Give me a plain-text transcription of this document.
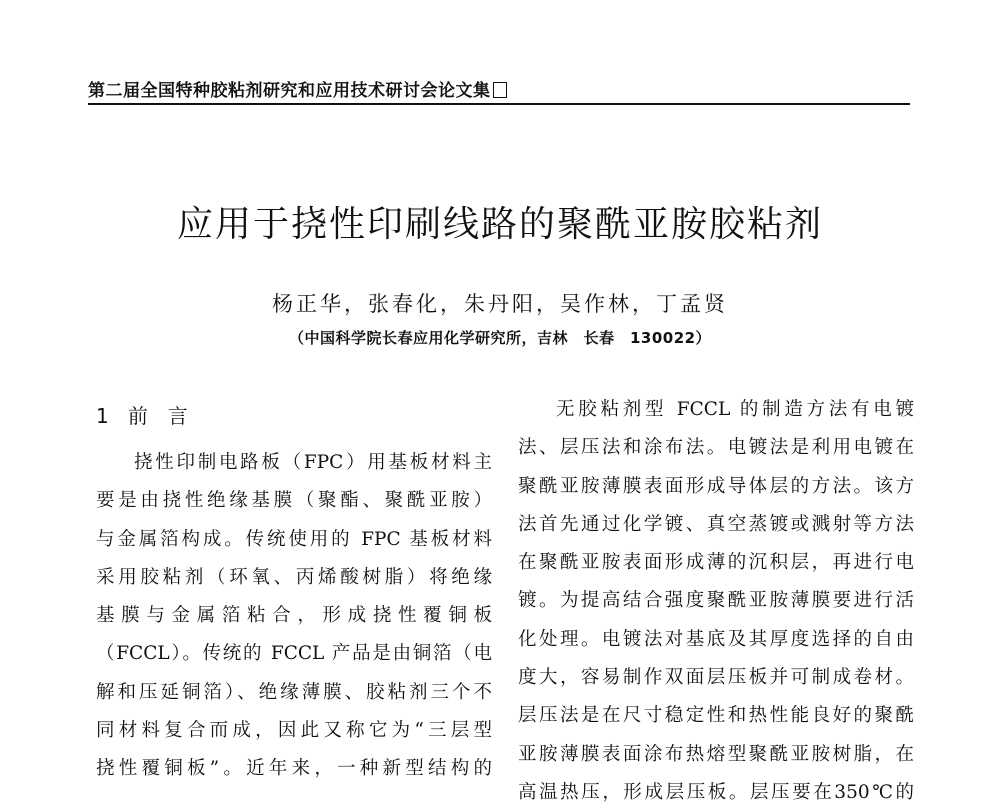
第二届全国特种胶粘剂研究和应用技术研讨会论文集
应用于挠性印刷线路的聚酰亚胺胶粘剂
杨正华，张春化，朱丹阳，吴作林，丁孟贤
（中国科学院长春应用化学研究所，吉林　长春　130022）
1 前　言
挠性印制电路板（FPC）用基板材料主
要是由挠性绝缘基膜（聚酯、聚酰亚胺）
与金属箔构成。传统使用的 FPC 基板材料
采用胶粘剂（环氧、丙烯酸树脂）将绝缘
基膜与金属箔粘合，形成挠性覆铜板
（FCCL）。传统的 FCCL 产品是由铜箔（电
解和压延铜箔）、绝缘薄膜、胶粘剂三个不
同材料复合而成，因此又称它为“三层型
挠性覆铜板”。近年来，一种新型结构的
无胶粘剂型 FCCL 的制造方法有电镀
法、层压法和涂布法。电镀法是利用电镀在
聚酰亚胺薄膜表面形成导体层的方法。该方
法首先通过化学镀、真空蒸镀或溅射等方法
在聚酰亚胺表面形成薄的沉积层，再进行电
镀。为提高结合强度聚酰亚胺薄膜要进行活
化处理。电镀法对基底及其厚度选择的自由
度大，容易制作双面层压板并可制成卷材。
层压法是在尺寸稳定性和热性能良好的聚酰
亚胺薄膜表面涂布热熔型聚酰亚胺树脂，在
高温热压，形成层压板。层压要在350℃的
